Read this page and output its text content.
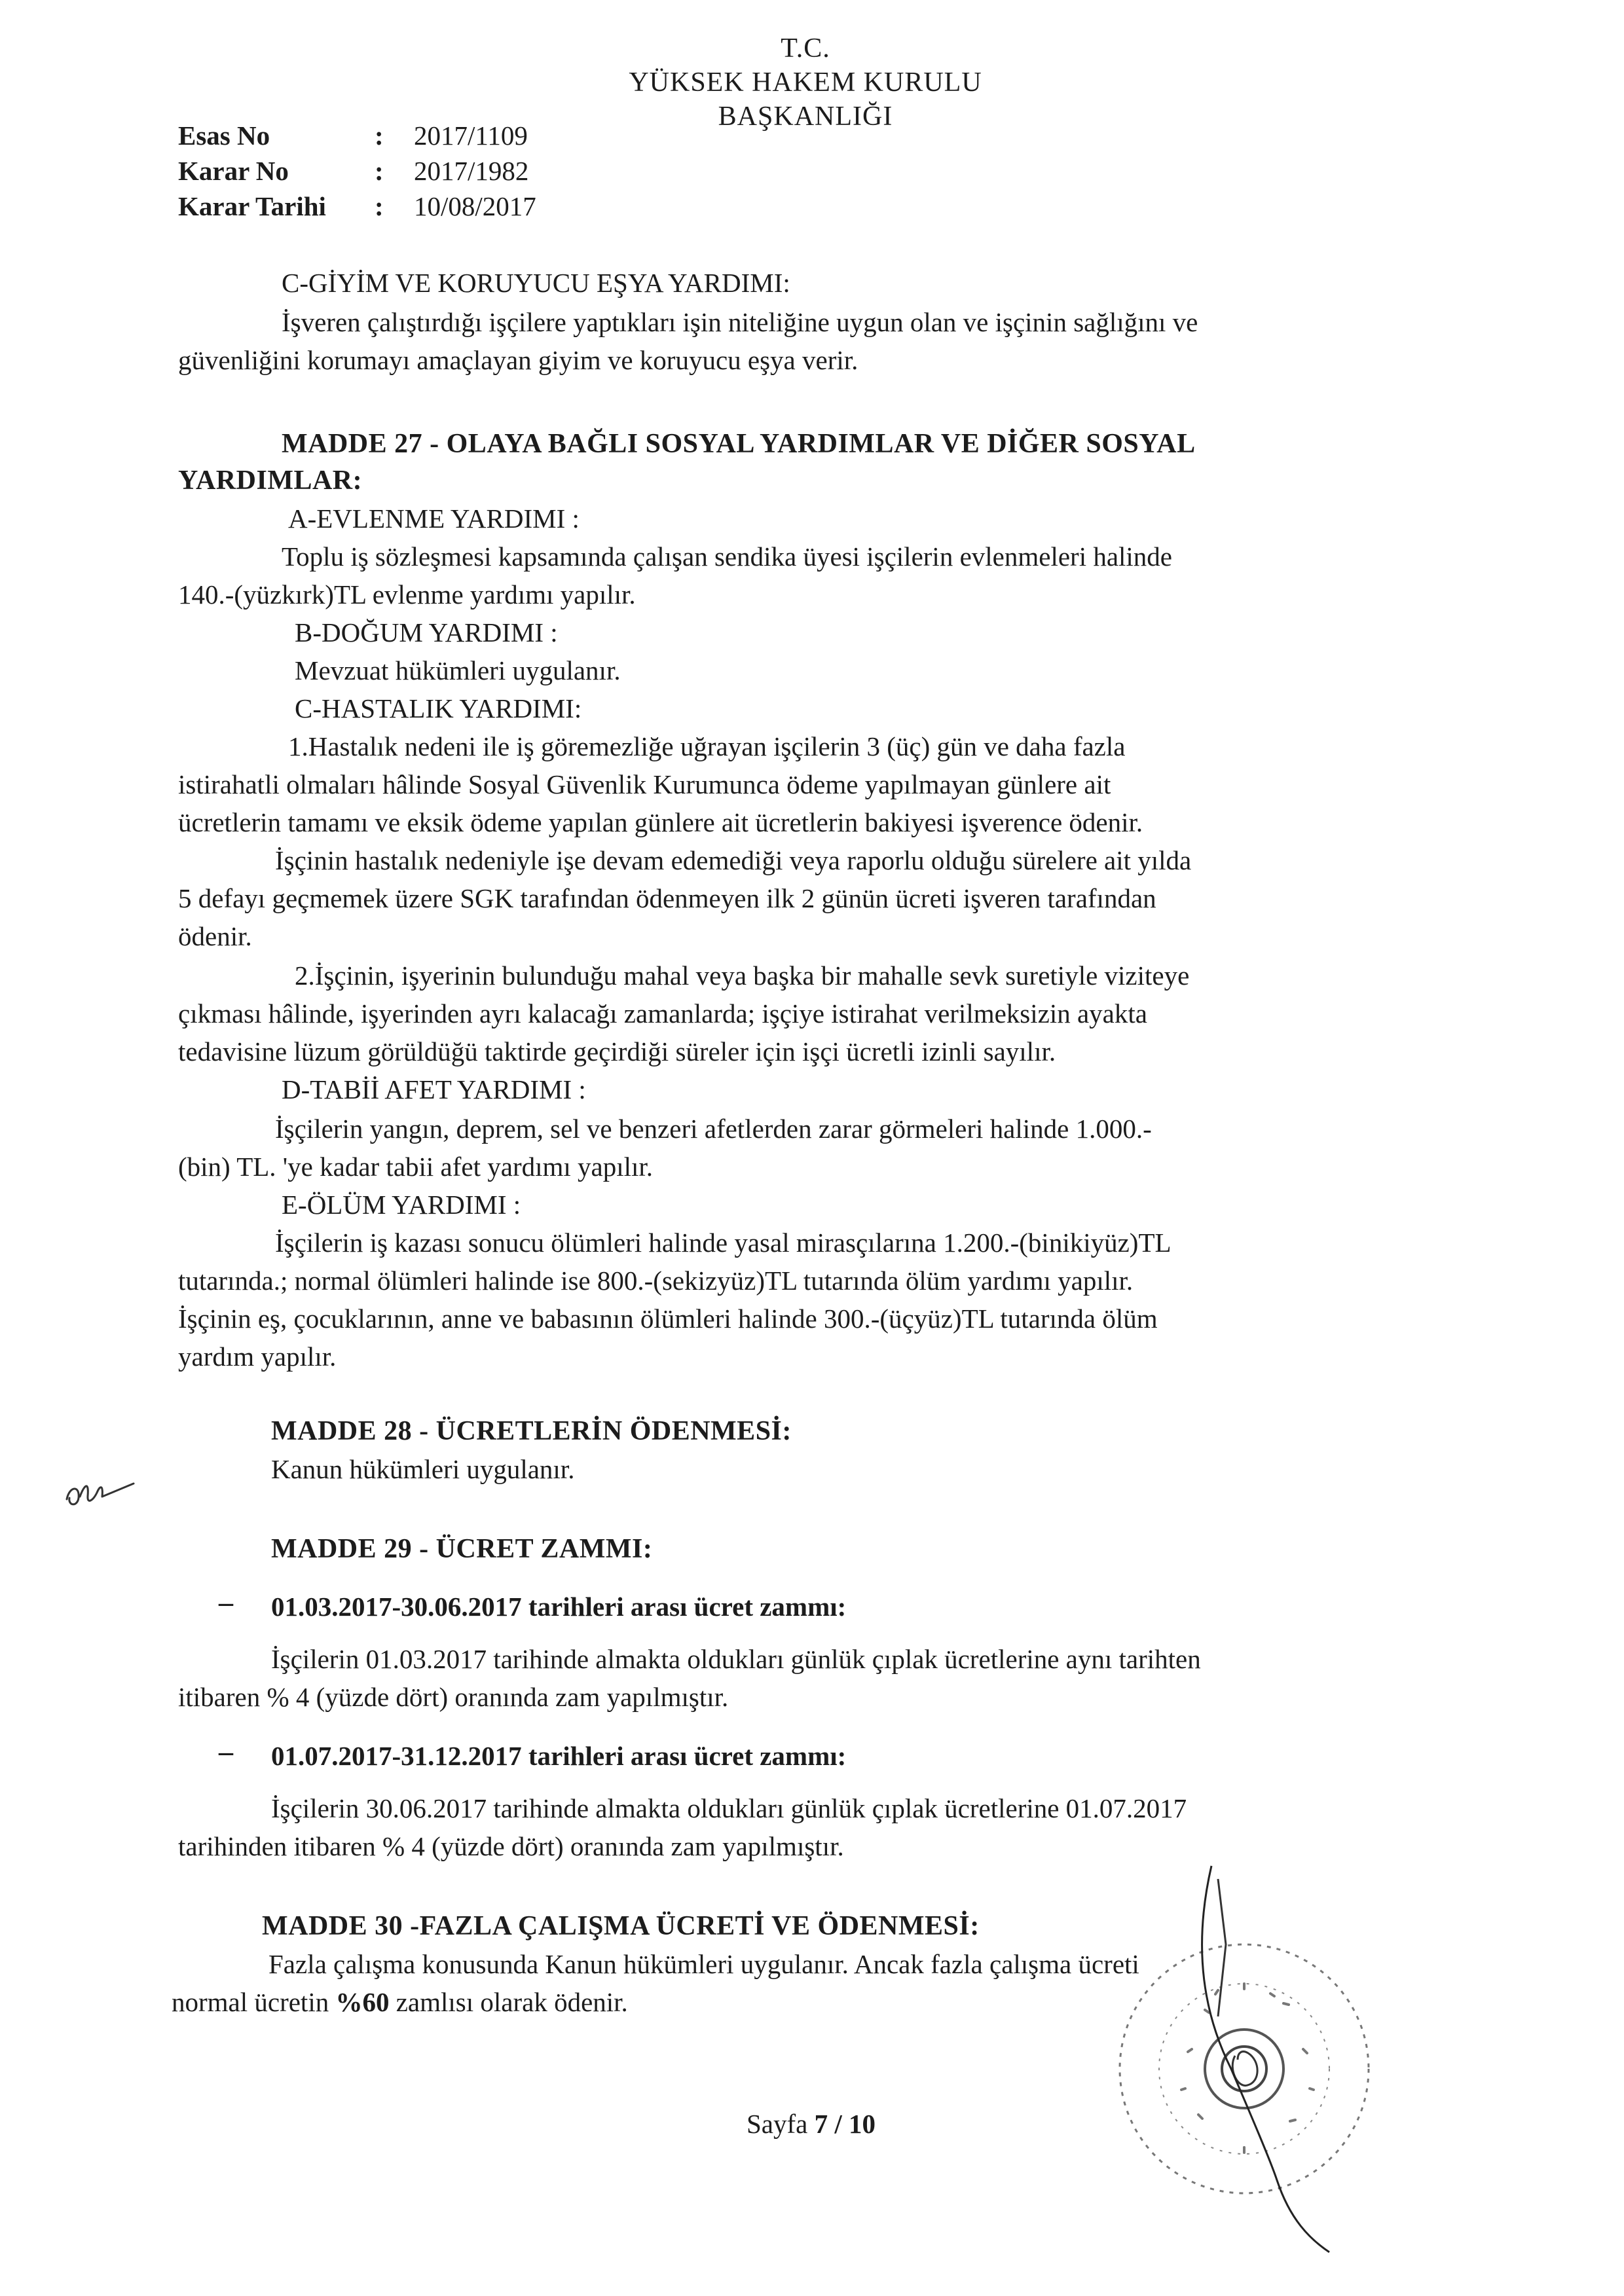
T.C.
YÜKSEK HAKEM KURULU
BAŞKANLIĞI
Esas No	:	2017/1109
Karar No	:	2017/1982
Karar Tarihi	:	10/08/2017
C-GİYİM VE KORUYUCU EŞYA YARDIMI:
İşveren çalıştırdığı işçilere yaptıkları işin niteliğine uygun olan ve işçinin sağlığını ve
güvenliğini korumayı amaçlayan giyim ve koruyucu eşya verir.
MADDE 27 - OLAYA BAĞLI SOSYAL YARDIMLAR VE DİĞER SOSYAL
YARDIMLAR:
A-EVLENME YARDIMI :
Toplu iş sözleşmesi kapsamında çalışan sendika üyesi işçilerin evlenmeleri halinde
140.-(yüzkırk)TL evlenme yardımı yapılır.
B-DOĞUM YARDIMI :
Mevzuat hükümleri uygulanır.
C-HASTALIK YARDIMI:
1.Hastalık nedeni ile iş göremezliğe uğrayan işçilerin 3 (üç) gün ve daha fazla
istirahatli olmaları hâlinde Sosyal Güvenlik Kurumunca ödeme yapılmayan günlere ait
ücretlerin tamamı ve eksik ödeme yapılan günlere ait ücretlerin bakiyesi işverence ödenir.
İşçinin hastalık nedeniyle işe devam edemediği veya raporlu olduğu sürelere ait yılda
5 defayı geçmemek üzere SGK tarafından ödenmeyen ilk 2 günün ücreti işveren tarafından
ödenir.
2.İşçinin, işyerinin bulunduğu mahal veya başka bir mahalle sevk suretiyle viziteye
çıkması hâlinde, işyerinden ayrı kalacağı zamanlarda; işçiye istirahat verilmeksizin ayakta
tedavisine lüzum görüldüğü taktirde geçirdiği süreler için işçi ücretli izinli sayılır.
D-TABİİ AFET YARDIMI :
İşçilerin yangın, deprem, sel ve benzeri afetlerden zarar görmeleri halinde 1.000.-
(bin) TL. 'ye kadar tabii afet yardımı yapılır.
E-ÖLÜM YARDIMI :
İşçilerin iş kazası sonucu ölümleri halinde yasal mirasçılarına 1.200.-(binikiyüz)TL
tutarında.; normal ölümleri halinde ise 800.-(sekizyüz)TL tutarında ölüm yardımı yapılır.
İşçinin eş, çocuklarının, anne ve babasının ölümleri halinde 300.-(üçyüz)TL tutarında ölüm
yardım yapılır.
MADDE 28 - ÜCRETLERİN ÖDENMESİ:
Kanun hükümleri uygulanır.
MADDE 29 - ÜCRET ZAMMI:
– 01.03.2017-30.06.2017 tarihleri arası ücret zammı:
İşçilerin 01.03.2017 tarihinde almakta oldukları günlük çıplak ücretlerine aynı tarihten
itibaren % 4 (yüzde dört) oranında zam yapılmıştır.
– 01.07.2017-31.12.2017 tarihleri arası ücret zammı:
İşçilerin 30.06.2017 tarihinde almakta oldukları günlük çıplak ücretlerine 01.07.2017
tarihinden itibaren % 4 (yüzde dört) oranında zam yapılmıştır.
MADDE 30 -FAZLA ÇALIŞMA ÜCRETİ VE ÖDENMESİ:
Fazla çalışma konusunda Kanun hükümleri uygulanır. Ancak fazla çalışma ücreti
normal ücretin %60 zamlısı olarak ödenir.
Sayfa 7 / 10
